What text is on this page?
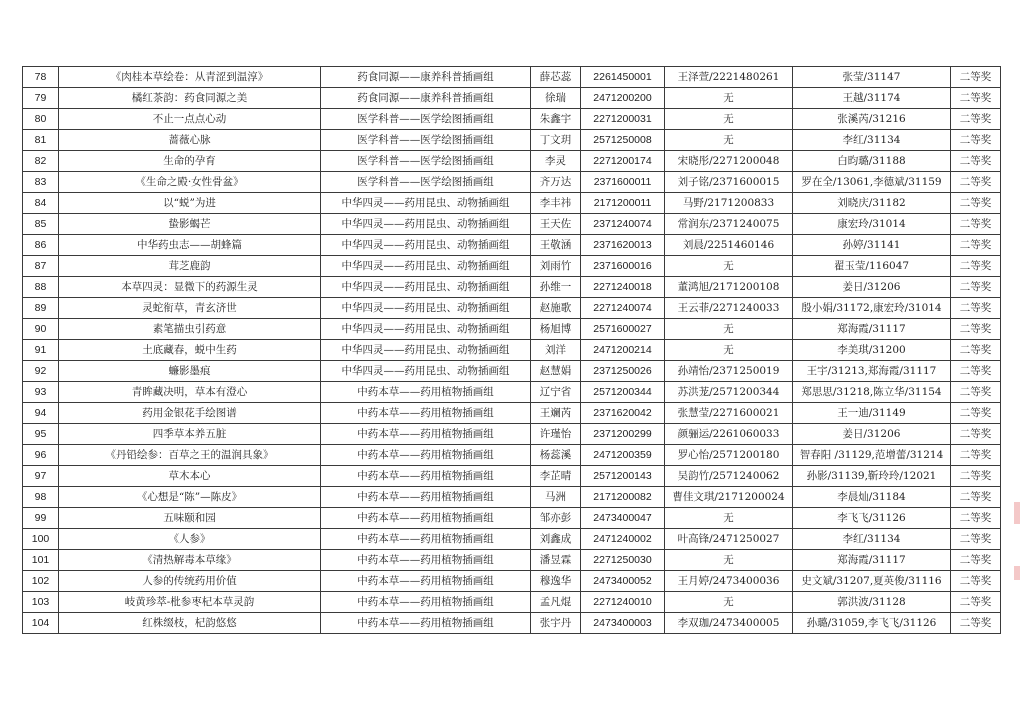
78	《肉桂本草绘卷：从青涩到温淳》	药食同源——康养科普插画组	薛芯蕊	2261450001	王泽萱/2221480261	张莹/31147	二等奖
79	橘红茶韵：药食同源之美	药食同源——康养科普插画组	徐瑞	2471200200	无	王越/31174	二等奖
80	不止一点点心动	医学科普——医学绘图插画组	朱鑫宇	2271200031	无	张溪芮/31216	二等奖
81	蔷薇心脉	医学科普——医学绘图插画组	丁文玥	2571250008	无	李红/31134	二等奖
82	生命的孕育	医学科普——医学绘图插画组	李灵	2271200174	宋晓彤/2271200048	白昀璐/31188	二等奖
83	《生命之殿·女性骨盆》	医学科普——医学绘图插画组	齐万达	2371600011	刘子铭/2371600015	罗在全/13061,李德斌/31159	二等奖
84	以“蜕”为进	中华四灵——药用昆虫、动物插画组	李丰祎	2171200011	马野/2171200833	刘晓庆/31182	二等奖
85	蛰影蝎芒	中华四灵——药用昆虫、动物插画组	王天佐	2371240074	常润东/2371240075	康宏玲/31014	二等奖
86	中华药虫志——胡蜂篇	中华四灵——药用昆虫、动物插画组	王敬涵	2371620013	刘晨/2251460146	孙婷/31141	二等奖
87	茸芝鹿韵	中华四灵——药用昆虫、动物插画组	刘雨竹	2371600016	无	翟玉莹/116047	二等奖
88	本草四灵：显微下的药源生灵	中华四灵——药用昆虫、动物插画组	孙维一	2271240018	董鸿旭/2171200108	姜日/31206	二等奖
89	灵蛇衔草，青玄济世	中华四灵——药用昆虫、动物插画组	赵施歌	2271240074	王云菲/2271240033	殷小娟/31172,康宏玲/31014	二等奖
90	素笔描虫引药意	中华四灵——药用昆虫、动物插画组	杨旭博	2571600027	无	郑海霞/31117	二等奖
91	土底藏春，蜕中生药	中华四灵——药用昆虫、动物插画组	刘洋	2471200214	无	李美琪/31200	二等奖
92	蠊影墨痕	中华四灵——药用昆虫、动物插画组	赵慧娟	2371250026	孙靖怡/2371250019	王宇/31213,郑海霞/31117	二等奖
93	青眸藏决明，草本有澄心	中药本草——药用植物插画组	辽宁省	2571200344	苏洪茏/2571200344	郑思思/31218,陈立华/31154	二等奖
94	药用金银花手绘图谱	中药本草——药用植物插画组	王斓芮	2371620042	张慧莹/2271600021	王一迪/31149	二等奖
95	四季草本养五脏	中药本草——药用植物插画组	许瑾怡	2371200299	颜骊运/2261060033	姜日/31206	二等奖
96	《丹铅绘参：百草之王的温润具象》	中药本草——药用植物插画组	杨蕊溪	2471200359	罗心怡/2571200180	智春阳 /31129,范增蕾/31214	二等奖
97	草木本心	中药本草——药用植物插画组	李芷晴	2571200143	吴韵竹/2571240062	孙影/31139,靳玲玲/12021	二等奖
98	《心想是“陈”—陈皮》	中药本草——药用植物插画组	马洲	2171200082	曹佳文琪/2171200024	李晨灿/31184	二等奖
99	五味颐和园	中药本草——药用植物插画组	邹亦彭	2473400047	无	李飞飞/31126	二等奖
100	《人参》	中药本草——药用植物插画组	刘鑫成	2471240002	叶高锋/2471250027	李红/31134	二等奖
101	《清热解毒本草缘》	中药本草——药用植物插画组	潘昱霖	2271250030	无	郑海霞/31117	二等奖
102	人参的传统药用价值	中药本草——药用植物插画组	穆逸华	2473400052	王月婷/2473400036	史文斌/31207,夏英俊/31116	二等奖
103	岐黄珍萃-枇参枣杞本草灵韵	中药本草——药用植物插画组	孟凡焜	2271240010	无	郭洪波/31128	二等奖
104	红株缀枝，杞韵悠悠	中药本草——药用植物插画组	张宇丹	2473400003	李双珈/2473400005	孙璐/31059,李飞飞/31126	二等奖
